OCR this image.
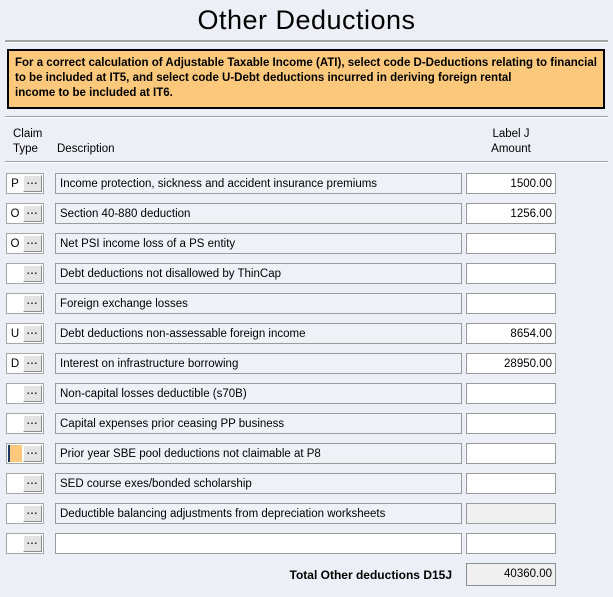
Other Deductions
For a correct calculation of Adjustable Taxable Income (ATI), select code D-Deductions relating to financial
to be included at IT5, and select code U-Debt deductions incurred in deriving foreign rental
income to be included at IT6.
Claim
Type	Description
Label J
Amount
P ...
Income protection, sickness and accident insurance premiums
1500.00
O ...
Section 40-880 deduction
1256.00
O ...
Net PSI income loss of a PS entity
...
Debt deductions not disallowed by ThinCap
...
Foreign exchange losses
U ...
Debt deductions non-assessable foreign income
8654.00
D ...
Interest on infrastructure borrowing
28950.00
...
Non-capital losses deductible (s70B)
...
Capital expenses prior ceasing PP business
...
Prior year SBE pool deductions not claimable at P8
...
SED course exes/bonded scholarship
...
Deductible balancing adjustments from depreciation worksheets
...
Total Other deductions D15J	40360.00
